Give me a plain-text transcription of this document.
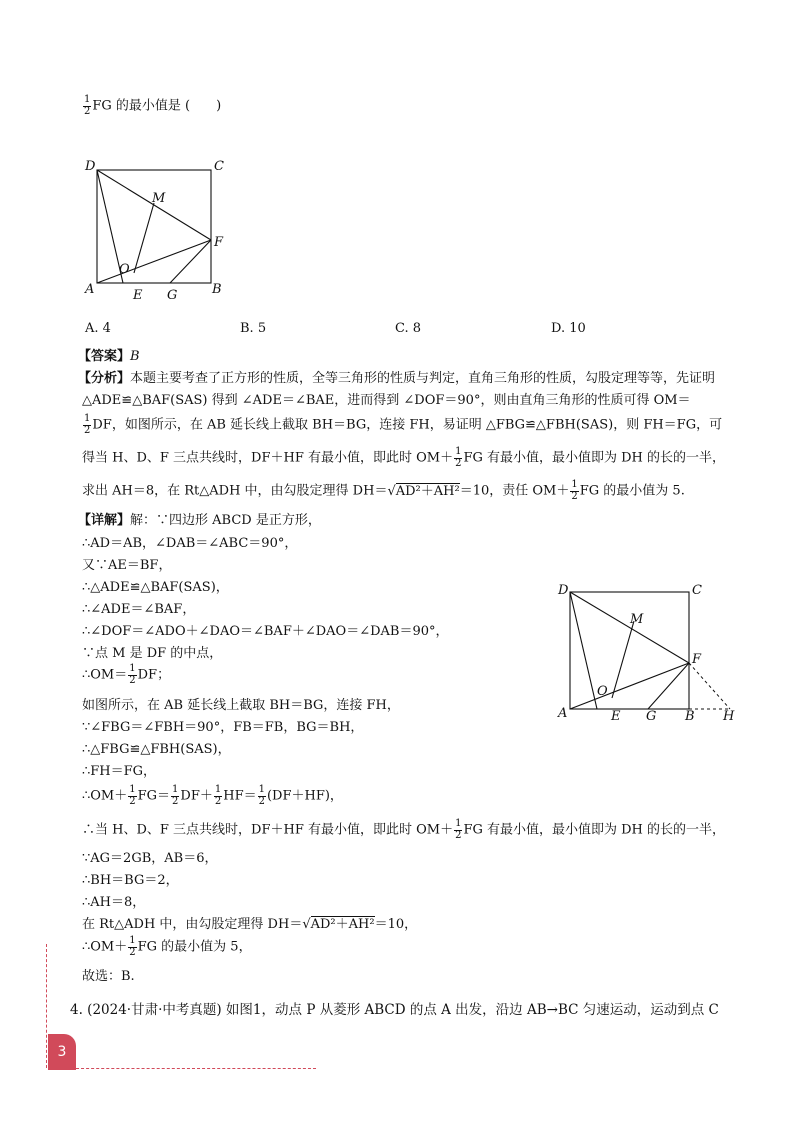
$\frac{1}{2}$ FG 的最小值是 (　　)
D	C
M
F
O
A	E G	B
A. 4	B. 5	C. 8	D. 10
【答案】B
【分析】本题主要考查了正方形的性质，全等三角形的性质与判定，直角三角形的性质，勾股定理等等，先证明
△ADE≌△BAF(SAS) 得到 ∠ADE＝∠BAE，进而得到 ∠DOF＝90°，则由直角三角形的性质可得 OM＝
$\frac{1}{2}$ DF，如图所示，在 AB 延长线上截取 BH＝BG，连接 FH，易证明 △FBG≌△FBH(SAS)，则 FH＝FG，可
得当 H、D、F 三点共线时，DF＋HF 有最小值，即此时 $OM+ \frac{1}{2}$ FG 有最小值，最小值即为 DH 的长的一半，
求出 AH＝8，在 Rt△ADH 中，由勾股定理得 DH＝√AD²＋AH²＝10，责任 $OM+ \frac{1}{2}$ FG 的最小值为 5.
【详解】解：∵四边形 ABCD 是正方形，
∴AD＝AB，∠DAB＝∠ABC＝90°，
又∵AE＝BF，
∴△ADE≌△BAF(SAS)，
∴∠ADE＝∠BAF，
∴∠DOF＝∠ADO＋∠DAO＝∠BAF＋∠DAO＝∠DAB＝90°，
∵点 M 是 DF 的中点，
∴OM＝ $\frac{1}{2}$ DF；
如图所示，在 AB 延长线上截取 BH＝BG，连接 FH，
∵∠FBG＝∠FBH＝90°，FB＝FB，BG＝BH，
∴△FBG≌△FBH(SAS)，
∴FH＝FG，
∴OM＋ $\frac{1}{2} FG= \frac{1}{2} DF+ \frac{1}{2} HF= \frac{1}{2} (DF+HF)$，
∴当 H、D、F 三点共线时，DF＋HF 有最小值，即此时 $OM+ \frac{1}{2}$ FG 有最小值，最小值即为 DH 的长的一半，
∵AG＝2GB，AB＝6，
∴BH＝BG＝2，
∴AH＝8，
在 Rt△ADH 中，由勾股定理得 DH＝√AD²＋AH²＝10，
∴OM＋ $\frac{1}{2}$ FG 的最小值为 5，
故选：B.
D	C
M
F
O
A	E G B H
4. (2024·甘肃·中考真题) 如图1，动点 P 从菱形 ABCD 的点 A 出发，沿边 AB→BC 匀速运动，运动到点 C
3
